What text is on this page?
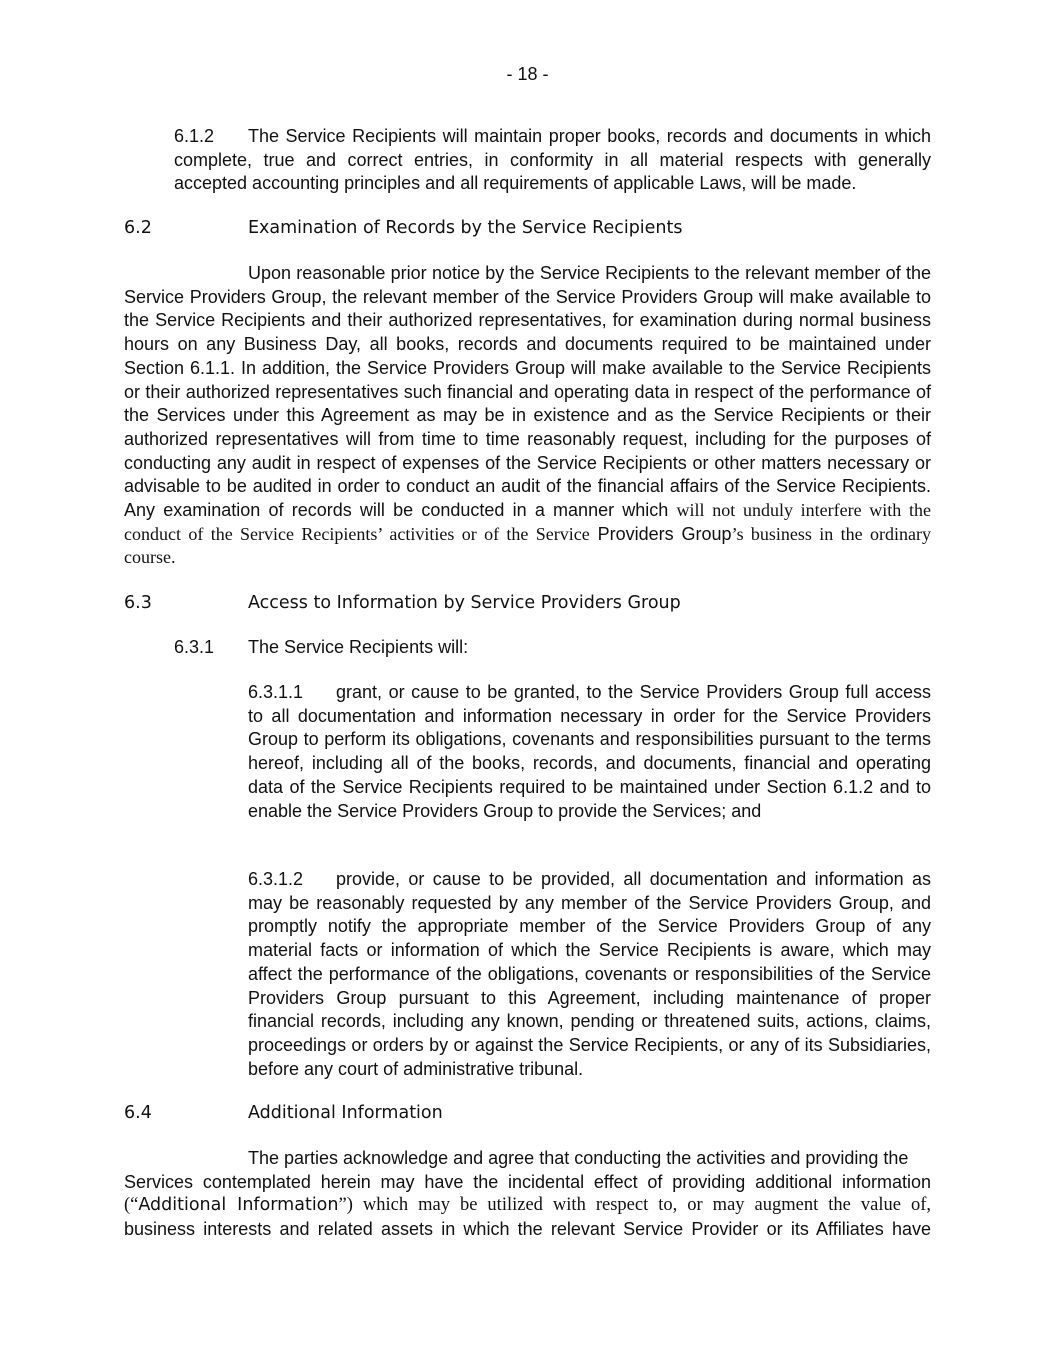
- 18 -
6.1.2 The Service Recipients will maintain proper books, records and documents in which complete, true and correct entries, in conformity in all material respects with generally accepted accounting principles and all requirements of applicable Laws, will be made.
6.2	Examination of Records by the Service Recipients
Upon reasonable prior notice by the Service Recipients to the relevant member of the Service Providers Group, the relevant member of the Service Providers Group will make available to the Service Recipients and their authorized representatives, for examination during normal business hours on any Business Day, all books, records and documents required to be maintained under Section 6.1.1. In addition, the Service Providers Group will make available to the Service Recipients or their authorized representatives such financial and operating data in respect of the performance of the Services under this Agreement as may be in existence and as the Service Recipients or their authorized representatives will from time to time reasonably request, including for the purposes of conducting any audit in respect of expenses of the Service Recipients or other matters necessary or advisable to be audited in order to conduct an audit of the financial affairs of the Service Recipients. Any examination of records will be conducted in a manner which will not unduly interfere with the conduct of the Service Recipients’ activities or of the Service Providers Group’s business in the ordinary course.
6.3	Access to Information by Service Providers Group
6.3.1 The Service Recipients will:
6.3.1.1 grant, or cause to be granted, to the Service Providers Group full access to all documentation and information necessary in order for the Service Providers Group to perform its obligations, covenants and responsibilities pursuant to the terms hereof, including all of the books, records, and documents, financial and operating data of the Service Recipients required to be maintained under Section 6.1.2 and to enable the Service Providers Group to provide the Services; and
6.3.1.2 provide, or cause to be provided, all documentation and information as may be reasonably requested by any member of the Service Providers Group, and promptly notify the appropriate member of the Service Providers Group of any material facts or information of which the Service Recipients is aware, which may affect the performance of the obligations, covenants or responsibilities of the Service Providers Group pursuant to this Agreement, including maintenance of proper financial records, including any known, pending or threatened suits, actions, claims, proceedings or orders by or against the Service Recipients, or any of its Subsidiaries, before any court of administrative tribunal.
6.4	Additional Information
The parties acknowledge and agree that conducting the activities and providing the
Services contemplated herein may have the incidental effect of providing additional information
(“Additional Information”) which may be utilized with respect to, or may augment the value of,
business interests and related assets in which the relevant Service Provider or its Affiliates have
